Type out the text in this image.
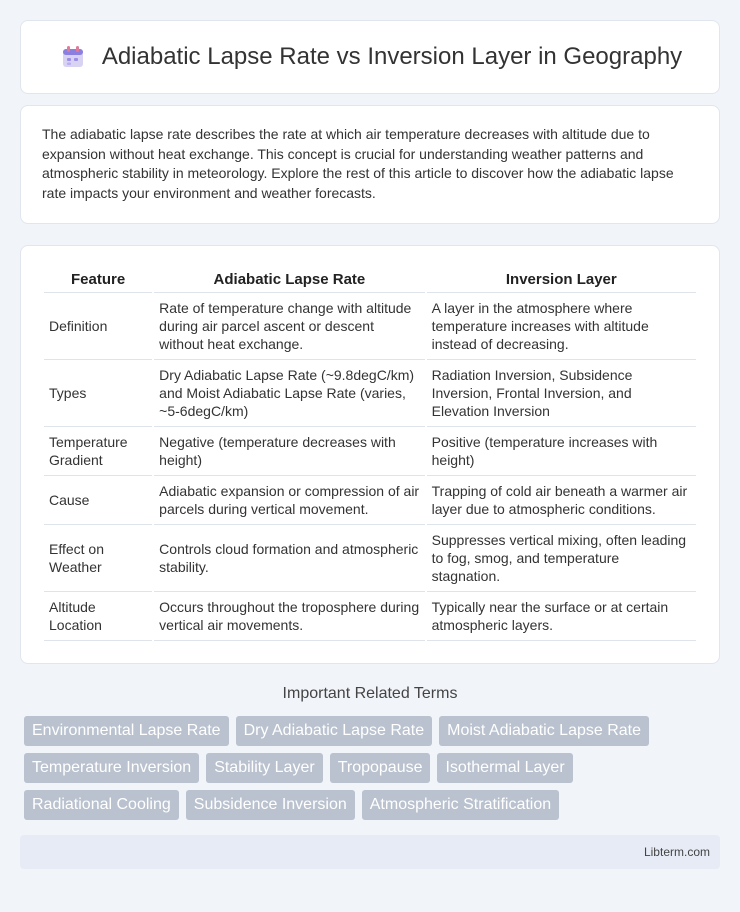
Adiabatic Lapse Rate vs Inversion Layer in Geography

The adiabatic lapse rate describes the rate at which air temperature decreases with altitude due to expansion without heat exchange. This concept is crucial for understanding weather patterns and atmospheric stability in meteorology. Explore the rest of this article to discover how the adiabatic lapse rate impacts your environment and weather forecasts.

Feature	Adiabatic Lapse Rate	Inversion Layer
Definition	Rate of temperature change with altitude during air parcel ascent or descent without heat exchange.	A layer in the atmosphere where temperature increases with altitude instead of decreasing.
Types	Dry Adiabatic Lapse Rate (~9.8degC/km) and Moist Adiabatic Lapse Rate (varies, ~5-6degC/km)	Radiation Inversion, Subsidence Inversion, Frontal Inversion, and Elevation Inversion
Temperature Gradient	Negative (temperature decreases with height)	Positive (temperature increases with height)
Cause	Adiabatic expansion or compression of air parcels during vertical movement.	Trapping of cold air beneath a warmer air layer due to atmospheric conditions.
Effect on Weather	Controls cloud formation and atmospheric stability.	Suppresses vertical mixing, often leading to fog, smog, and temperature stagnation.
Altitude Location	Occurs throughout the troposphere during vertical air movements.	Typically near the surface or at certain atmospheric layers.
Important Related Terms
Environmental Lapse Rate	Dry Adiabatic Lapse Rate	Moist Adiabatic Lapse Rate
Temperature Inversion	Stability Layer	Tropopause	Isothermal Layer
Radiational Cooling	Subsidence Inversion	Atmospheric Stratification
Libterm.com
